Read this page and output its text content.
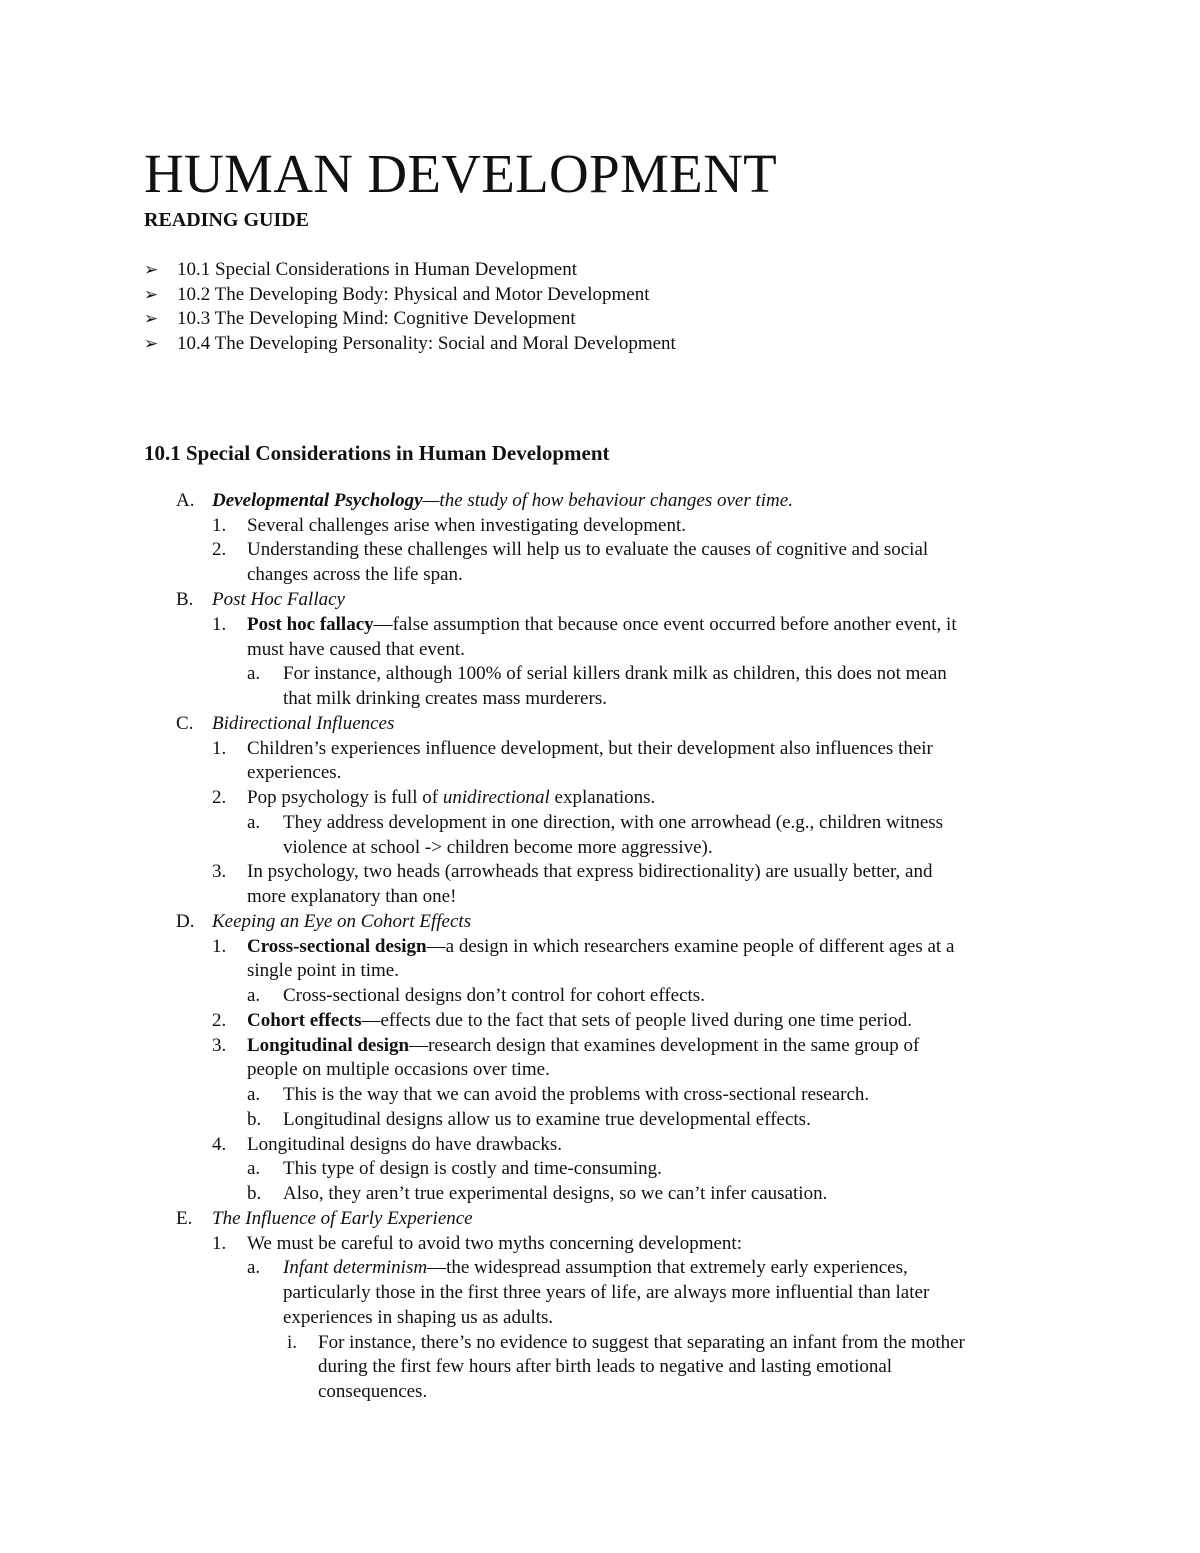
HUMAN DEVELOPMENT
READING GUIDE
➢ 10.1 Special Considerations in Human Development
➢ 10.2 The Developing Body: Physical and Motor Development
➢ 10.3 The Developing Mind: Cognitive Development
➢ 10.4 The Developing Personality: Social and Moral Development
10.1 Special Considerations in Human Development
A. Developmental Psychology—the study of how behaviour changes over time.
1. Several challenges arise when investigating development.
2. Understanding these challenges will help us to evaluate the causes of cognitive and social
changes across the life span.
B. Post Hoc Fallacy
1. Post hoc fallacy—false assumption that because once event occurred before another event, it
must have caused that event.
a. For instance, although 100% of serial killers drank milk as children, this does not mean
that milk drinking creates mass murderers.
C. Bidirectional Influences
1. Children’s experiences influence development, but their development also influences their
experiences.
2. Pop psychology is full of unidirectional explanations.
a. They address development in one direction, with one arrowhead (e.g., children witness
violence at school -> children become more aggressive).
3. In psychology, two heads (arrowheads that express bidirectionality) are usually better, and
more explanatory than one!
D. Keeping an Eye on Cohort Effects
1. Cross-sectional design—a design in which researchers examine people of different ages at a
single point in time.
a. Cross-sectional designs don’t control for cohort effects.
2. Cohort effects—effects due to the fact that sets of people lived during one time period.
3. Longitudinal design—research design that examines development in the same group of
people on multiple occasions over time.
a. This is the way that we can avoid the problems with cross-sectional research.
b. Longitudinal designs allow us to examine true developmental effects.
4. Longitudinal designs do have drawbacks.
a. This type of design is costly and time-consuming.
b. Also, they aren’t true experimental designs, so we can’t infer causation.
E. The Influence of Early Experience
1. We must be careful to avoid two myths concerning development:
a. Infant determinism—the widespread assumption that extremely early experiences,
particularly those in the first three years of life, are always more influential than later
experiences in shaping us as adults.
i. For instance, there’s no evidence to suggest that separating an infant from the mother
during the first few hours after birth leads to negative and lasting emotional
consequences.
